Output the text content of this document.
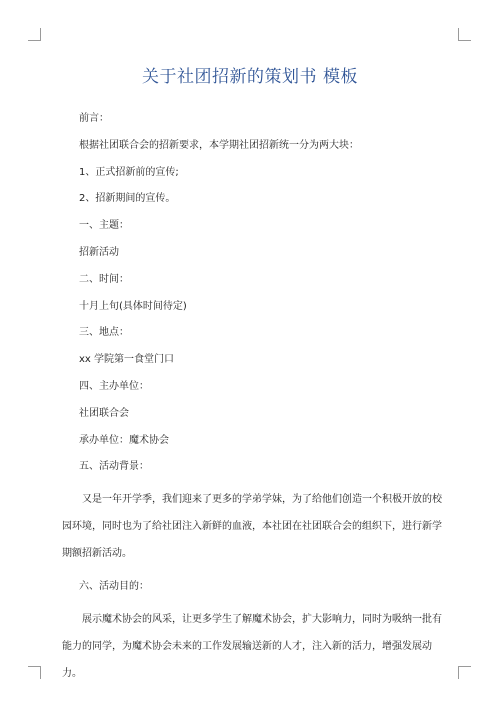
关于社团招新的策划书 模板

前言：

根据社团联合会的招新要求，本学期社团招新统一分为两大块：

1、正式招新前的宣传;

2、招新期间的宣传。

一、主题：

招新活动

二、时间：

十月上旬(具体时间待定)

三、地点：

xx 学院第一食堂门口

四、主办单位：

社团联合会

承办单位：魔术协会

五、活动背景：

又是一年开学季，我们迎来了更多的学弟学妹，为了给他们创造一个积极开放的校园环境，同时也为了给社团注入新鲜的血液，本社团在社团联合会的组织下，进行新学期额招新活动。

六、活动目的：

展示魔术协会的风采，让更多学生了解魔术协会，扩大影响力，同时为吸纳一批有能力的同学，为魔术协会未来的工作发展输送新的人才，注入新的活力，增强发展动力。
